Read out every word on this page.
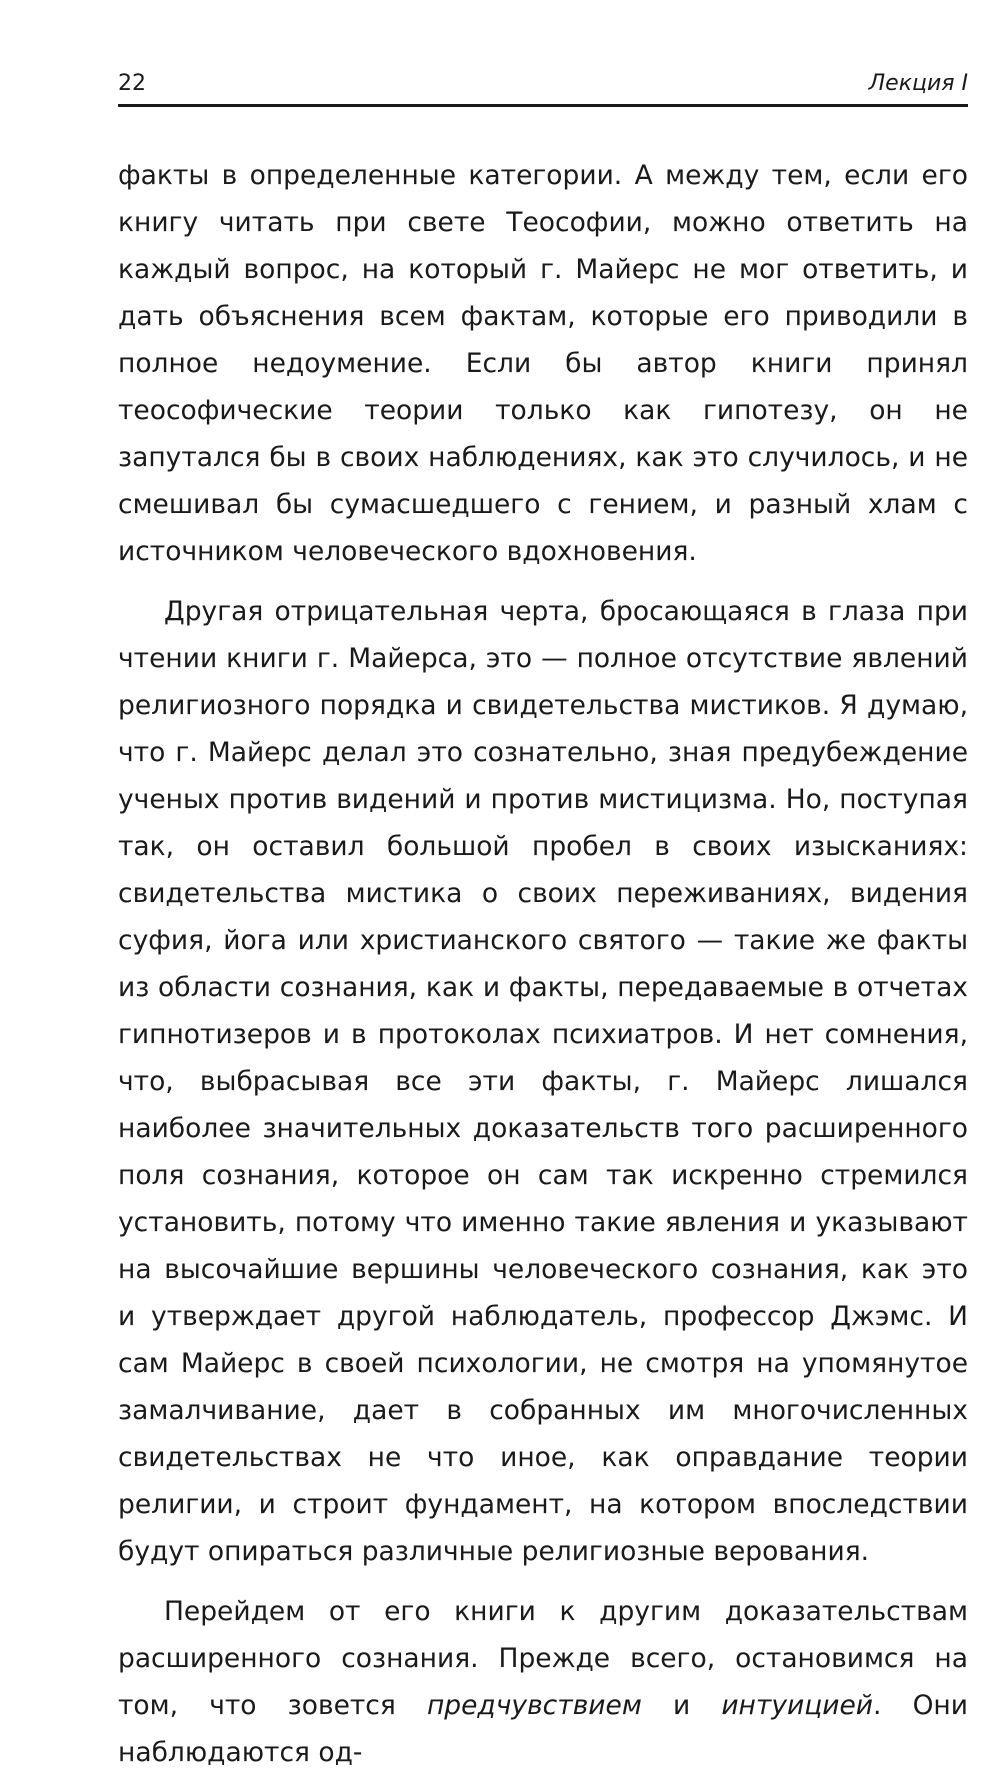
22	Лекция I

факты в определенные категории. А между тем, если его книгу читать при свете Теософии, можно ответить на каждый вопрос, на который г. Майерс не мог ответить, и дать объяснения всем фактам, которые его приводили в полное недоумение. Если бы автор книги принял теософические теории только как гипотезу, он не запутался бы в своих наблюдениях, как это случилось, и не смешивал бы сумасшедшего с гением, и разный хлам с источником человеческого вдохновения.

Другая отрицательная черта, бросающаяся в глаза при чтении книги г. Майерса, это — полное отсутствие явлений религиозного порядка и свидетельства мистиков. Я думаю, что г. Майерс делал это сознательно, зная предубеждение ученых против видений и против мистицизма. Но, поступая так, он оставил большой пробел в своих изысканиях: свидетельства мистика о своих переживаниях, видения суфия, йога или христианского святого — такие же факты из области сознания, как и факты, передаваемые в отчетах гипнотизеров и в протоколах психиатров. И нет сомнения, что, выбрасывая все эти факты, г. Майерс лишался наиболее значительных доказательств того расширенного поля сознания, которое он сам так искренно стремился установить, потому что именно такие явления и указывают на высочайшие вершины человеческого сознания, как это и утверждает другой наблюдатель, профессор Джэмс. И сам Майерс в своей психологии, не смотря на упомянутое замалчивание, дает в собранных им многочисленных свидетельствах не что иное, как оправдание теории религии, и строит фундамент, на котором впоследствии будут опираться различные религиозные верования.

Перейдем от его книги к другим доказательствам расширенного сознания. Прежде всего, остановимся на том, что зовется предчувствием и интуицией. Они наблюдаются од-
